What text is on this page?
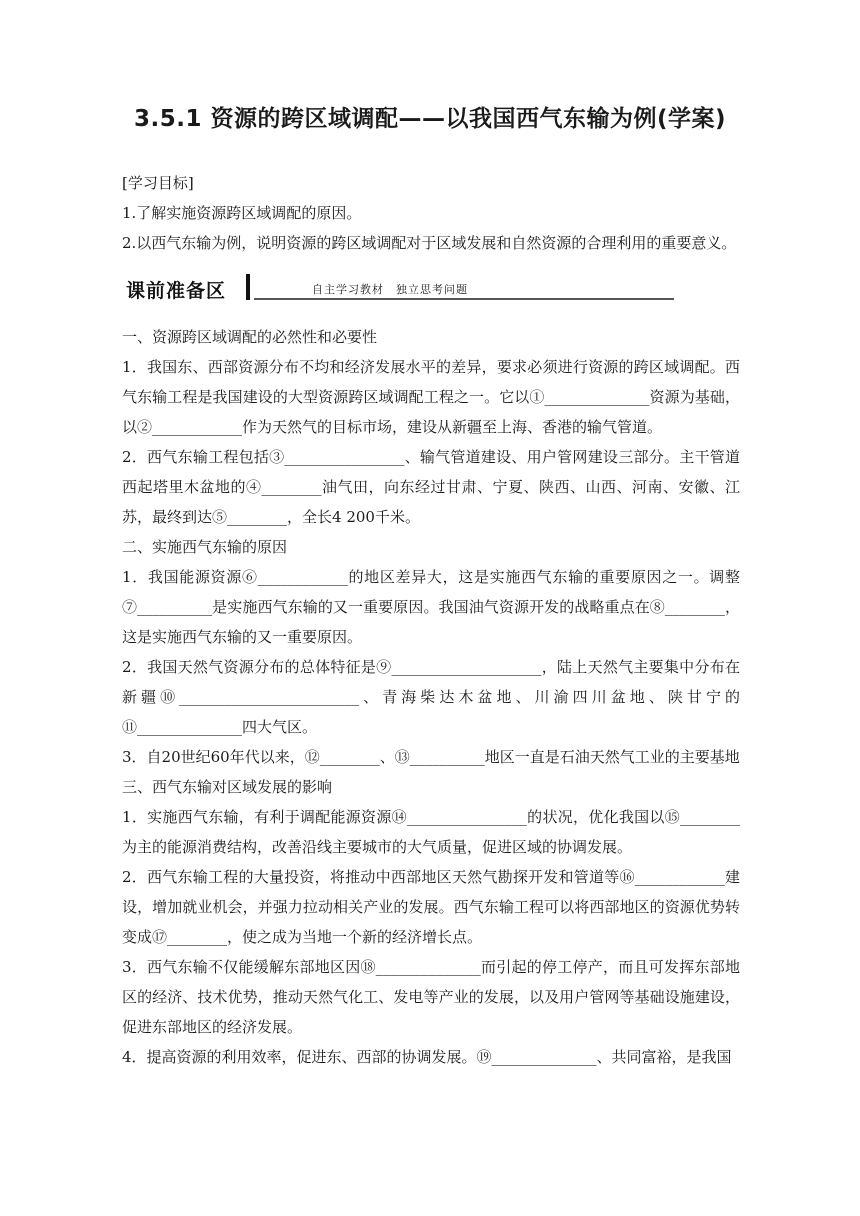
3.5.1 资源的跨区域调配——以我国西气东输为例(学案)
[学习目标]
1.了解实施资源跨区域调配的原因。
2.以西气东输为例，说明资源的跨区域调配对于区域发展和自然资源的合理利用的重要意义。
课前准备区	自主学习教材　独立思考问题
一、资源跨区域调配的必然性和必要性
1．我国东、西部资源分布不均和经济发展水平的差异，要求必须进行资源的跨区域调配。西气东输工程是我国建设的大型资源跨区域调配工程之一。它以①______________资源为基础，以②____________作为天然气的目标市场，建设从新疆至上海、香港的输气管道。
2．西气东输工程包括③________________、输气管道建设、用户管网建设三部分。主干管道西起塔里木盆地的④________油气田，向东经过甘肃、宁夏、陕西、山西、河南、安徽、江苏，最终到达⑤________，全长4 200千米。
二、实施西气东输的原因
1．我国能源资源⑥____________的地区差异大，这是实施西气东输的重要原因之一。调整⑦__________是实施西气东输的又一重要原因。我国油气资源开发的战略重点在⑧________，这是实施西气东输的又一重要原因。
2．我国天然气资源分布的总体特征是⑨____________________，陆上天然气主要集中分布在新疆⑩________________________、青海柴达木盆地、川渝四川盆地、陕甘宁的⑪______________四大气区。
3．自20世纪60年代以来，⑫________、⑬__________地区一直是石油天然气工业的主要基地
三、西气东输对区域发展的影响
1．实施西气东输，有利于调配能源资源⑭________________的状况，优化我国以⑮________为主的能源消费结构，改善沿线主要城市的大气质量，促进区域的协调发展。
2．西气东输工程的大量投资，将推动中西部地区天然气勘探开发和管道等⑯____________建设，增加就业机会，并强力拉动相关产业的发展。西气东输工程可以将西部地区的资源优势转变成⑰________，使之成为当地一个新的经济增长点。
3．西气东输不仅能缓解东部地区因⑱______________而引起的停工停产，而且可发挥东部地区的经济、技术优势，推动天然气化工、发电等产业的发展，以及用户管网等基础设施建设，促进东部地区的经济发展。
4．提高资源的利用效率，促进东、西部的协调发展。⑲______________、共同富裕，是我国
